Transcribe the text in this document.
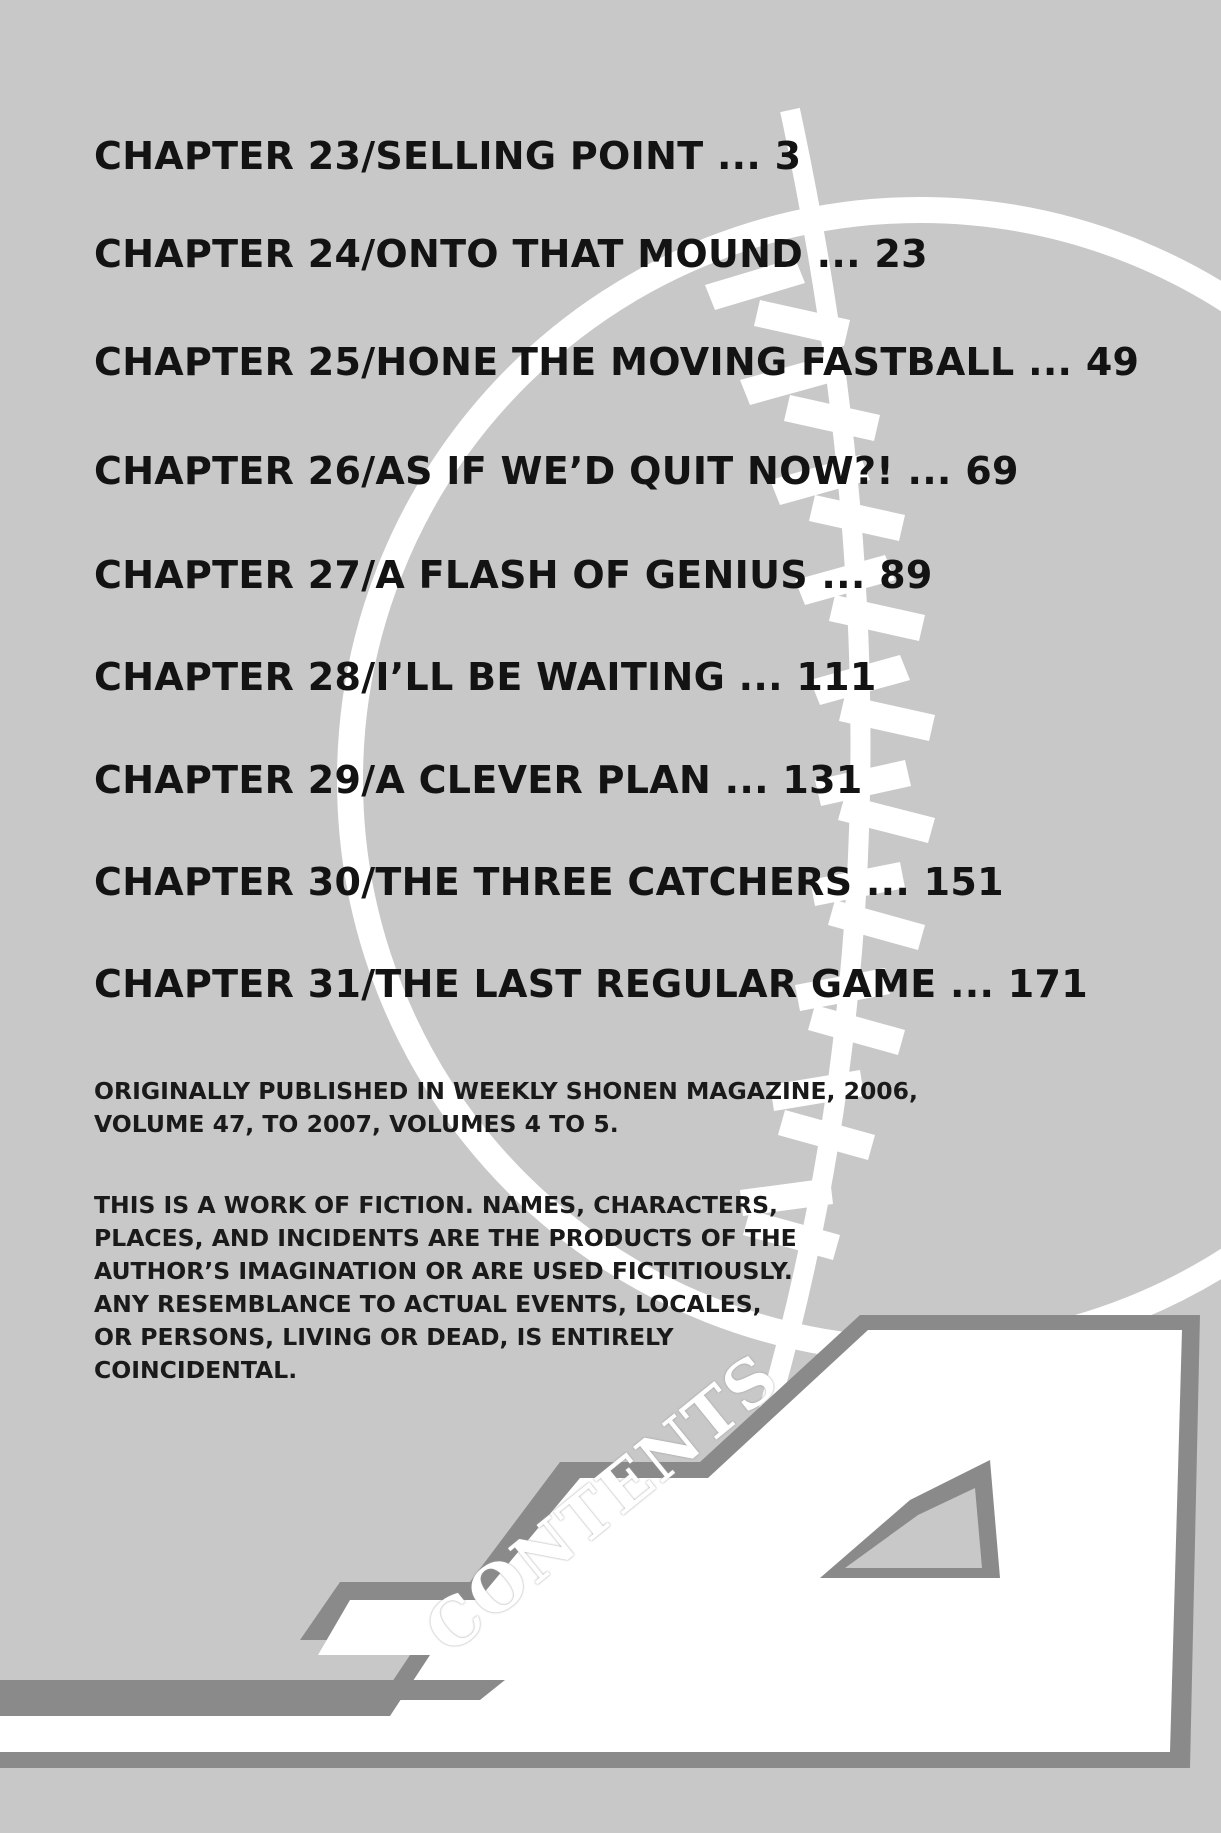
CHAPTER 23/SELLING POINT ... 3
CHAPTER 24/ONTO THAT MOUND ... 23
CHAPTER 25/HONE THE MOVING FASTBALL ... 49
CHAPTER 26/AS IF WE’D QUIT NOW?! ... 69
CHAPTER 27/A FLASH OF GENIUS ... 89
CHAPTER 28/I’LL BE WAITING ... 111
CHAPTER 29/A CLEVER PLAN ... 131
CHAPTER 30/THE THREE CATCHERS ... 151
CHAPTER 31/THE LAST REGULAR GAME ... 171

ORIGINALLY PUBLISHED IN WEEKLY SHONEN MAGAZINE, 2006,
VOLUME 47, TO 2007, VOLUMES 4 TO 5.

THIS IS A WORK OF FICTION. NAMES, CHARACTERS,
PLACES, AND INCIDENTS ARE THE PRODUCTS OF THE
AUTHOR’S IMAGINATION OR ARE USED FICTITIOUSLY.
ANY RESEMBLANCE TO ACTUAL EVENTS, LOCALES,
OR PERSONS, LIVING OR DEAD, IS ENTIRELY
COINCIDENTAL.	CONTENTS
